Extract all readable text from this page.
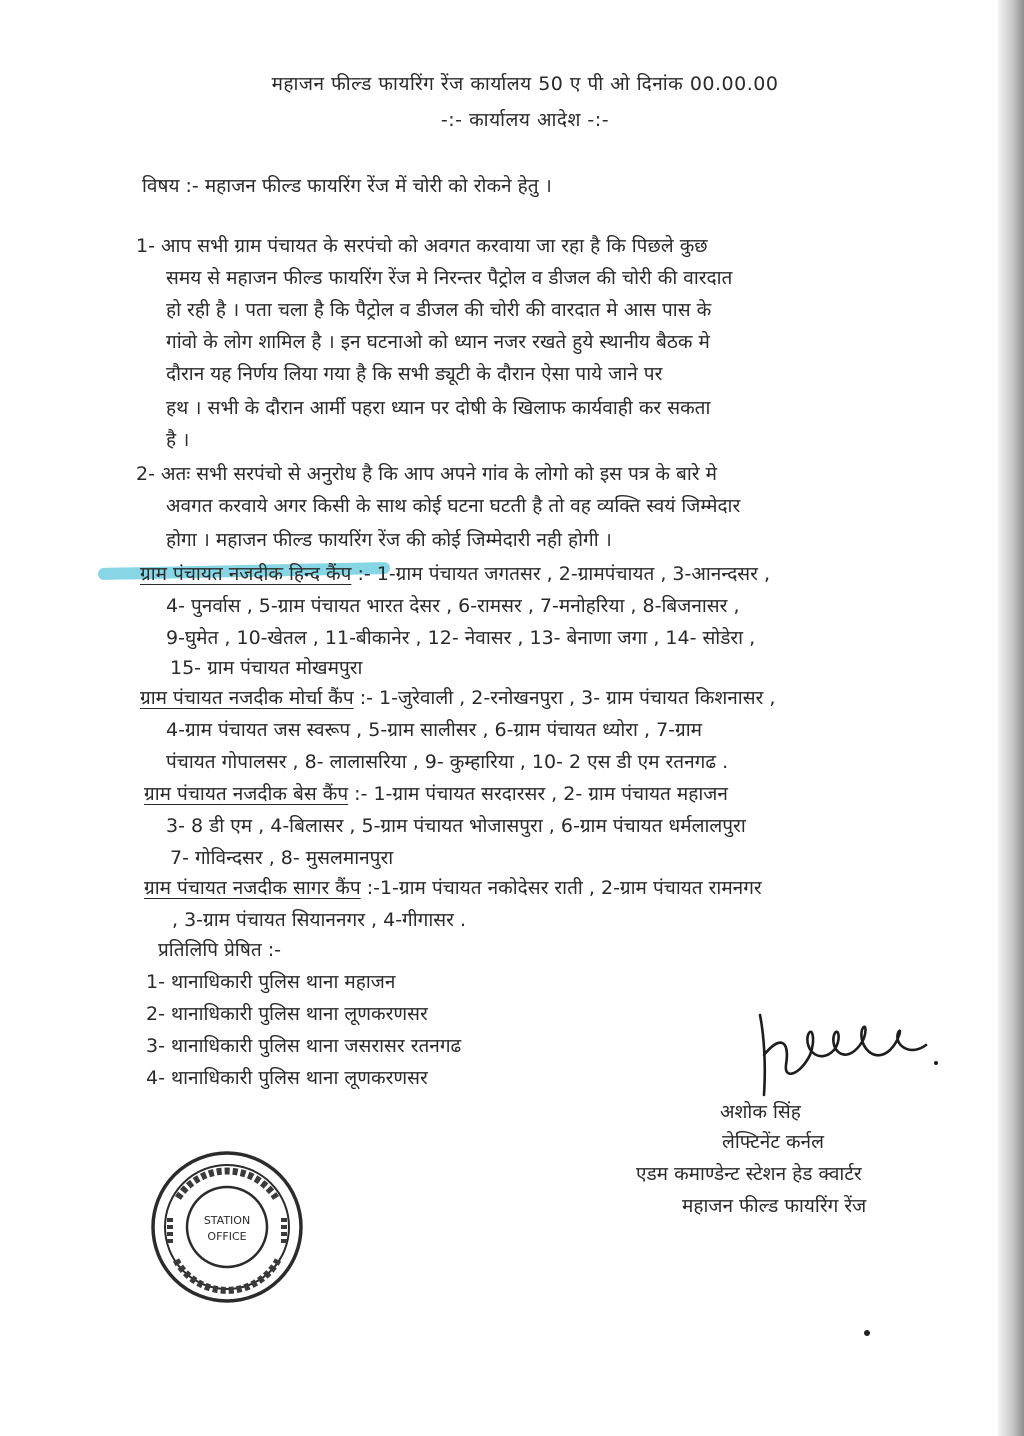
महाजन फील्ड फायरिंग रेंज कार्यालय 50 ए पी ओ दिनांक 00.00.00
-:- कार्यालय आदेश -:-
विषय :- महाजन फील्ड फायरिंग रेंज में चोरी को रोकने हेतु ।
1- आप सभी ग्राम पंचायत के सरपंचो को अवगत करवाया जा रहा है कि पिछले कुछ
समय से महाजन फील्ड फायरिंग रेंज मे निरन्तर पैट्रोल व डीजल की चोरी की वारदात
हो रही है । पता चला है कि पैट्रोल व डीजल की चोरी की वारदात मे आस पास के
गांवो के लोग शामिल है । इन घटनाओ को ध्यान नजर रखते हुये स्थानीय बैठक मे
दौरान यह निर्णय लिया गया है कि सभी ड्यूटी के दौरान ऐसा पाये जाने पर
हथ । सभी के दौरान आर्मी पहरा ध्यान पर दोषी के खिलाफ कार्यवाही कर सकता
है ।
2- अतः सभी सरपंचो से अनुरोध है कि आप अपने गांव के लोगो को इस पत्र के बारे मे
अवगत करवाये अगर किसी के साथ कोई घटना घटती है तो वह व्यक्ति स्वयं जिम्मेदार
होगा । महाजन फील्ड फायरिंग रेंज की कोई जिम्मेदारी नही होगी ।
ग्राम पंचायत नजदीक हिन्द कैंप :- 1-ग्राम पंचायत जगतसर , 2-ग्रामपंचायत , 3-आनन्दसर ,
4- पुनर्वास , 5-ग्राम पंचायत भारत देसर , 6-रामसर , 7-मनोहरिया , 8-बिजनासर ,
9-घुमेत , 10-खेतल , 11-बीकानेर , 12- नेवासर , 13- बेनाणा जगा , 14- सोडेरा ,
15- ग्राम पंचायत मोखमपुरा
ग्राम पंचायत नजदीक मोर्चा कैंप :- 1-जुरेवाली , 2-रनोखनपुरा , 3- ग्राम पंचायत किशनासर ,
4-ग्राम पंचायत जस स्वरूप , 5-ग्राम सालीसर , 6-ग्राम पंचायत ध्योरा , 7-ग्राम
पंचायत गोपालसर , 8- लालासरिया , 9- कुम्हारिया , 10- 2 एस डी एम रतनगढ .
ग्राम पंचायत नजदीक बेस कैंप :- 1-ग्राम पंचायत सरदारसर , 2- ग्राम पंचायत महाजन
3- 8 डी एम , 4-बिलासर , 5-ग्राम पंचायत भोजासपुरा , 6-ग्राम पंचायत धर्मलालपुरा
7- गोविन्दसर , 8- मुसलमानपुरा
ग्राम पंचायत नजदीक सागर कैंप :-1-ग्राम पंचायत नकोदेसर राती , 2-ग्राम पंचायत रामनगर
, 3-ग्राम पंचायत सियाननगर , 4-गीगासर .
प्रतिलिपि प्रेषित :-
1- थानाधिकारी पुलिस थाना महाजन
2- थानाधिकारी पुलिस थाना लूणकरणसर
3- थानाधिकारी पुलिस थाना जसरासर रतनगढ
4- थानाधिकारी पुलिस थाना लूणकरणसर
अशोक सिंह
लेफ्टिनेंट कर्नल
एडम कमाण्डेन्ट स्टेशन हेड क्वार्टर
महाजन फील्ड फायरिंग रेंज
STATION
OFFICE
